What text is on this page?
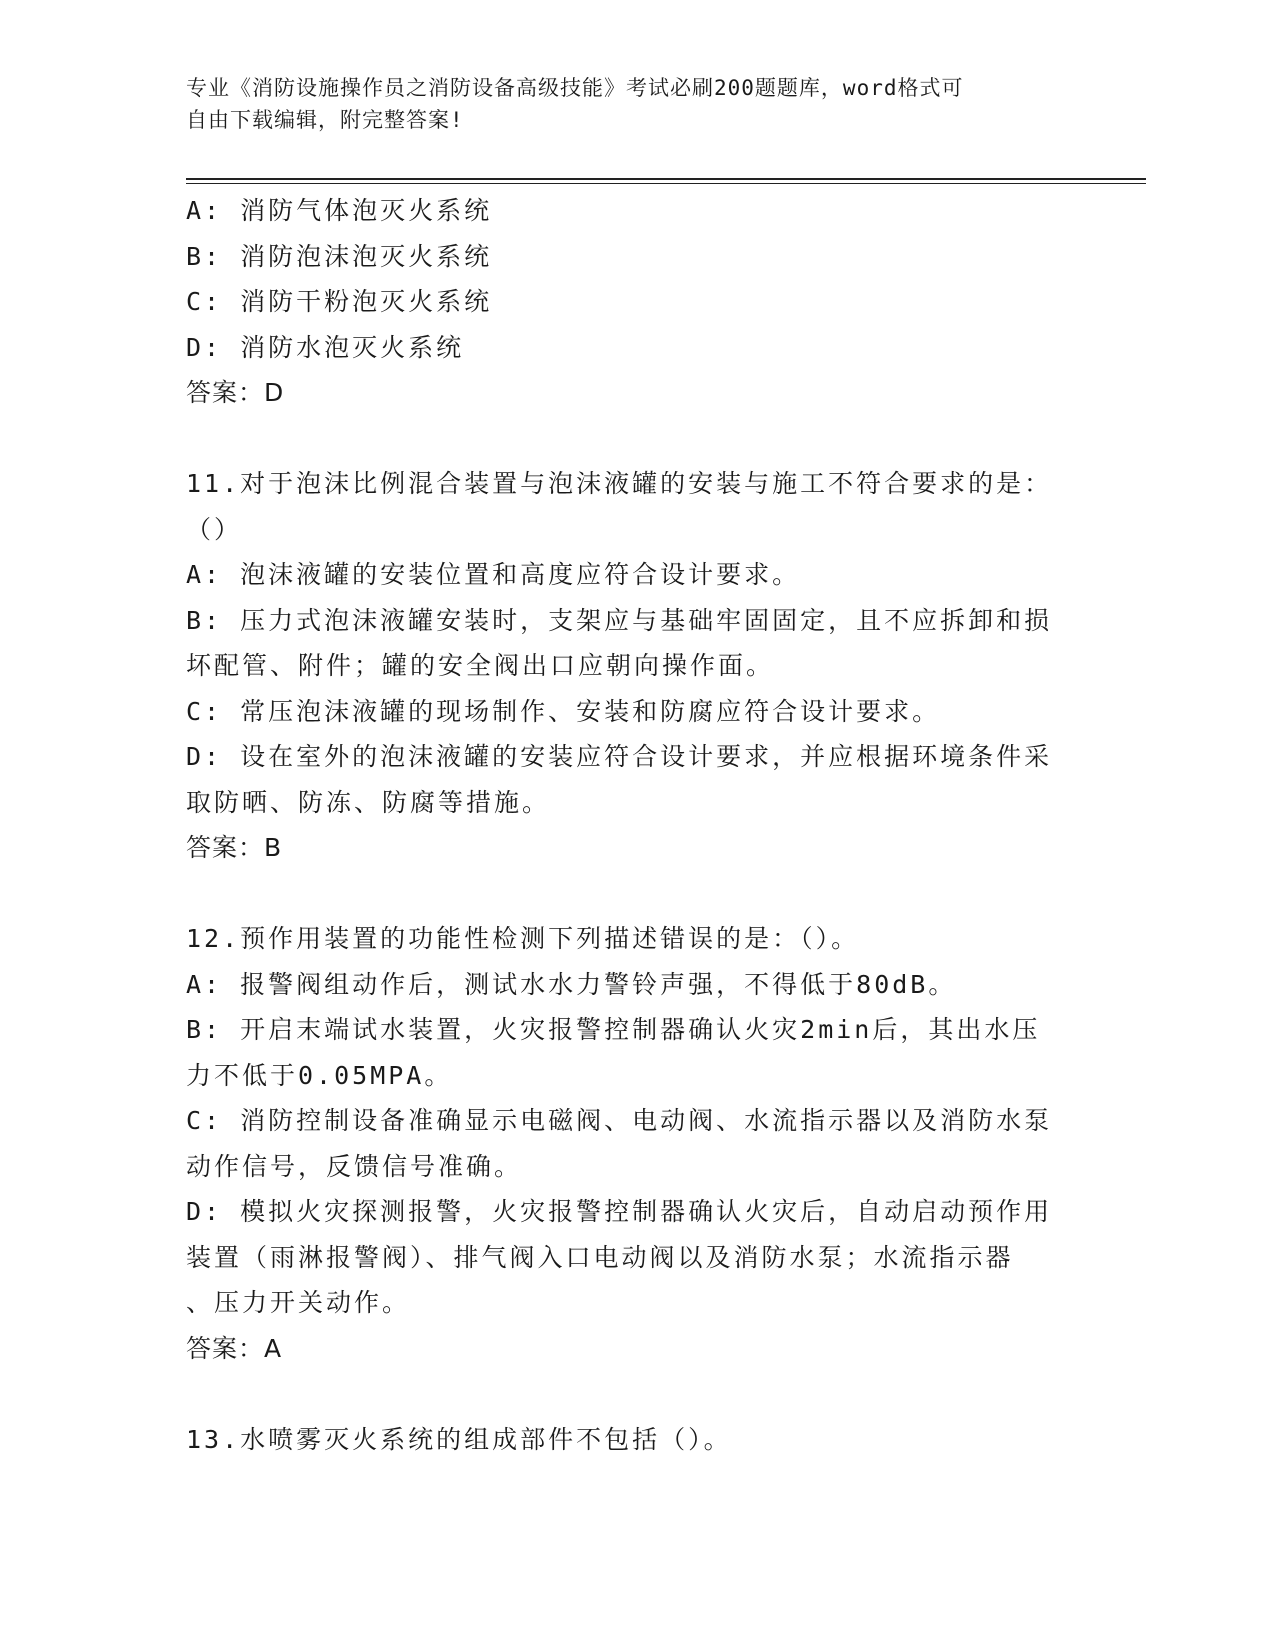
专业《消防设施操作员之消防设备高级技能》考试必刷200题题库，word格式可
自由下载编辑，附完整答案!
A: 消防气体泡灭火系统
B: 消防泡沫泡灭火系统
C: 消防干粉泡灭火系统
D: 消防水泡灭火系统
答案：D
11.对于泡沫比例混合装置与泡沫液罐的安装与施工不符合要求的是：
（）
A: 泡沫液罐的安装位置和高度应符合设计要求。
B: 压力式泡沫液罐安装时，支架应与基础牢固固定，且不应拆卸和损
坏配管、附件；罐的安全阀出口应朝向操作面。
C: 常压泡沫液罐的现场制作、安装和防腐应符合设计要求。
D: 设在室外的泡沫液罐的安装应符合设计要求，并应根据环境条件采
取防晒、防冻、防腐等措施。
答案：B
12.预作用装置的功能性检测下列描述错误的是：（）。
A: 报警阀组动作后，测试水水力警铃声强，不得低于80dB。
B: 开启末端试水装置，火灾报警控制器确认火灾2min后，其出水压
力不低于0.05MPA。
C: 消防控制设备准确显示电磁阀、电动阀、水流指示器以及消防水泵
动作信号，反馈信号准确。
D: 模拟火灾探测报警，火灾报警控制器确认火灾后，自动启动预作用
装置（雨淋报警阀）、排气阀入口电动阀以及消防水泵；水流指示器
、压力开关动作。
答案：A
13.水喷雾灭火系统的组成部件不包括（）。
